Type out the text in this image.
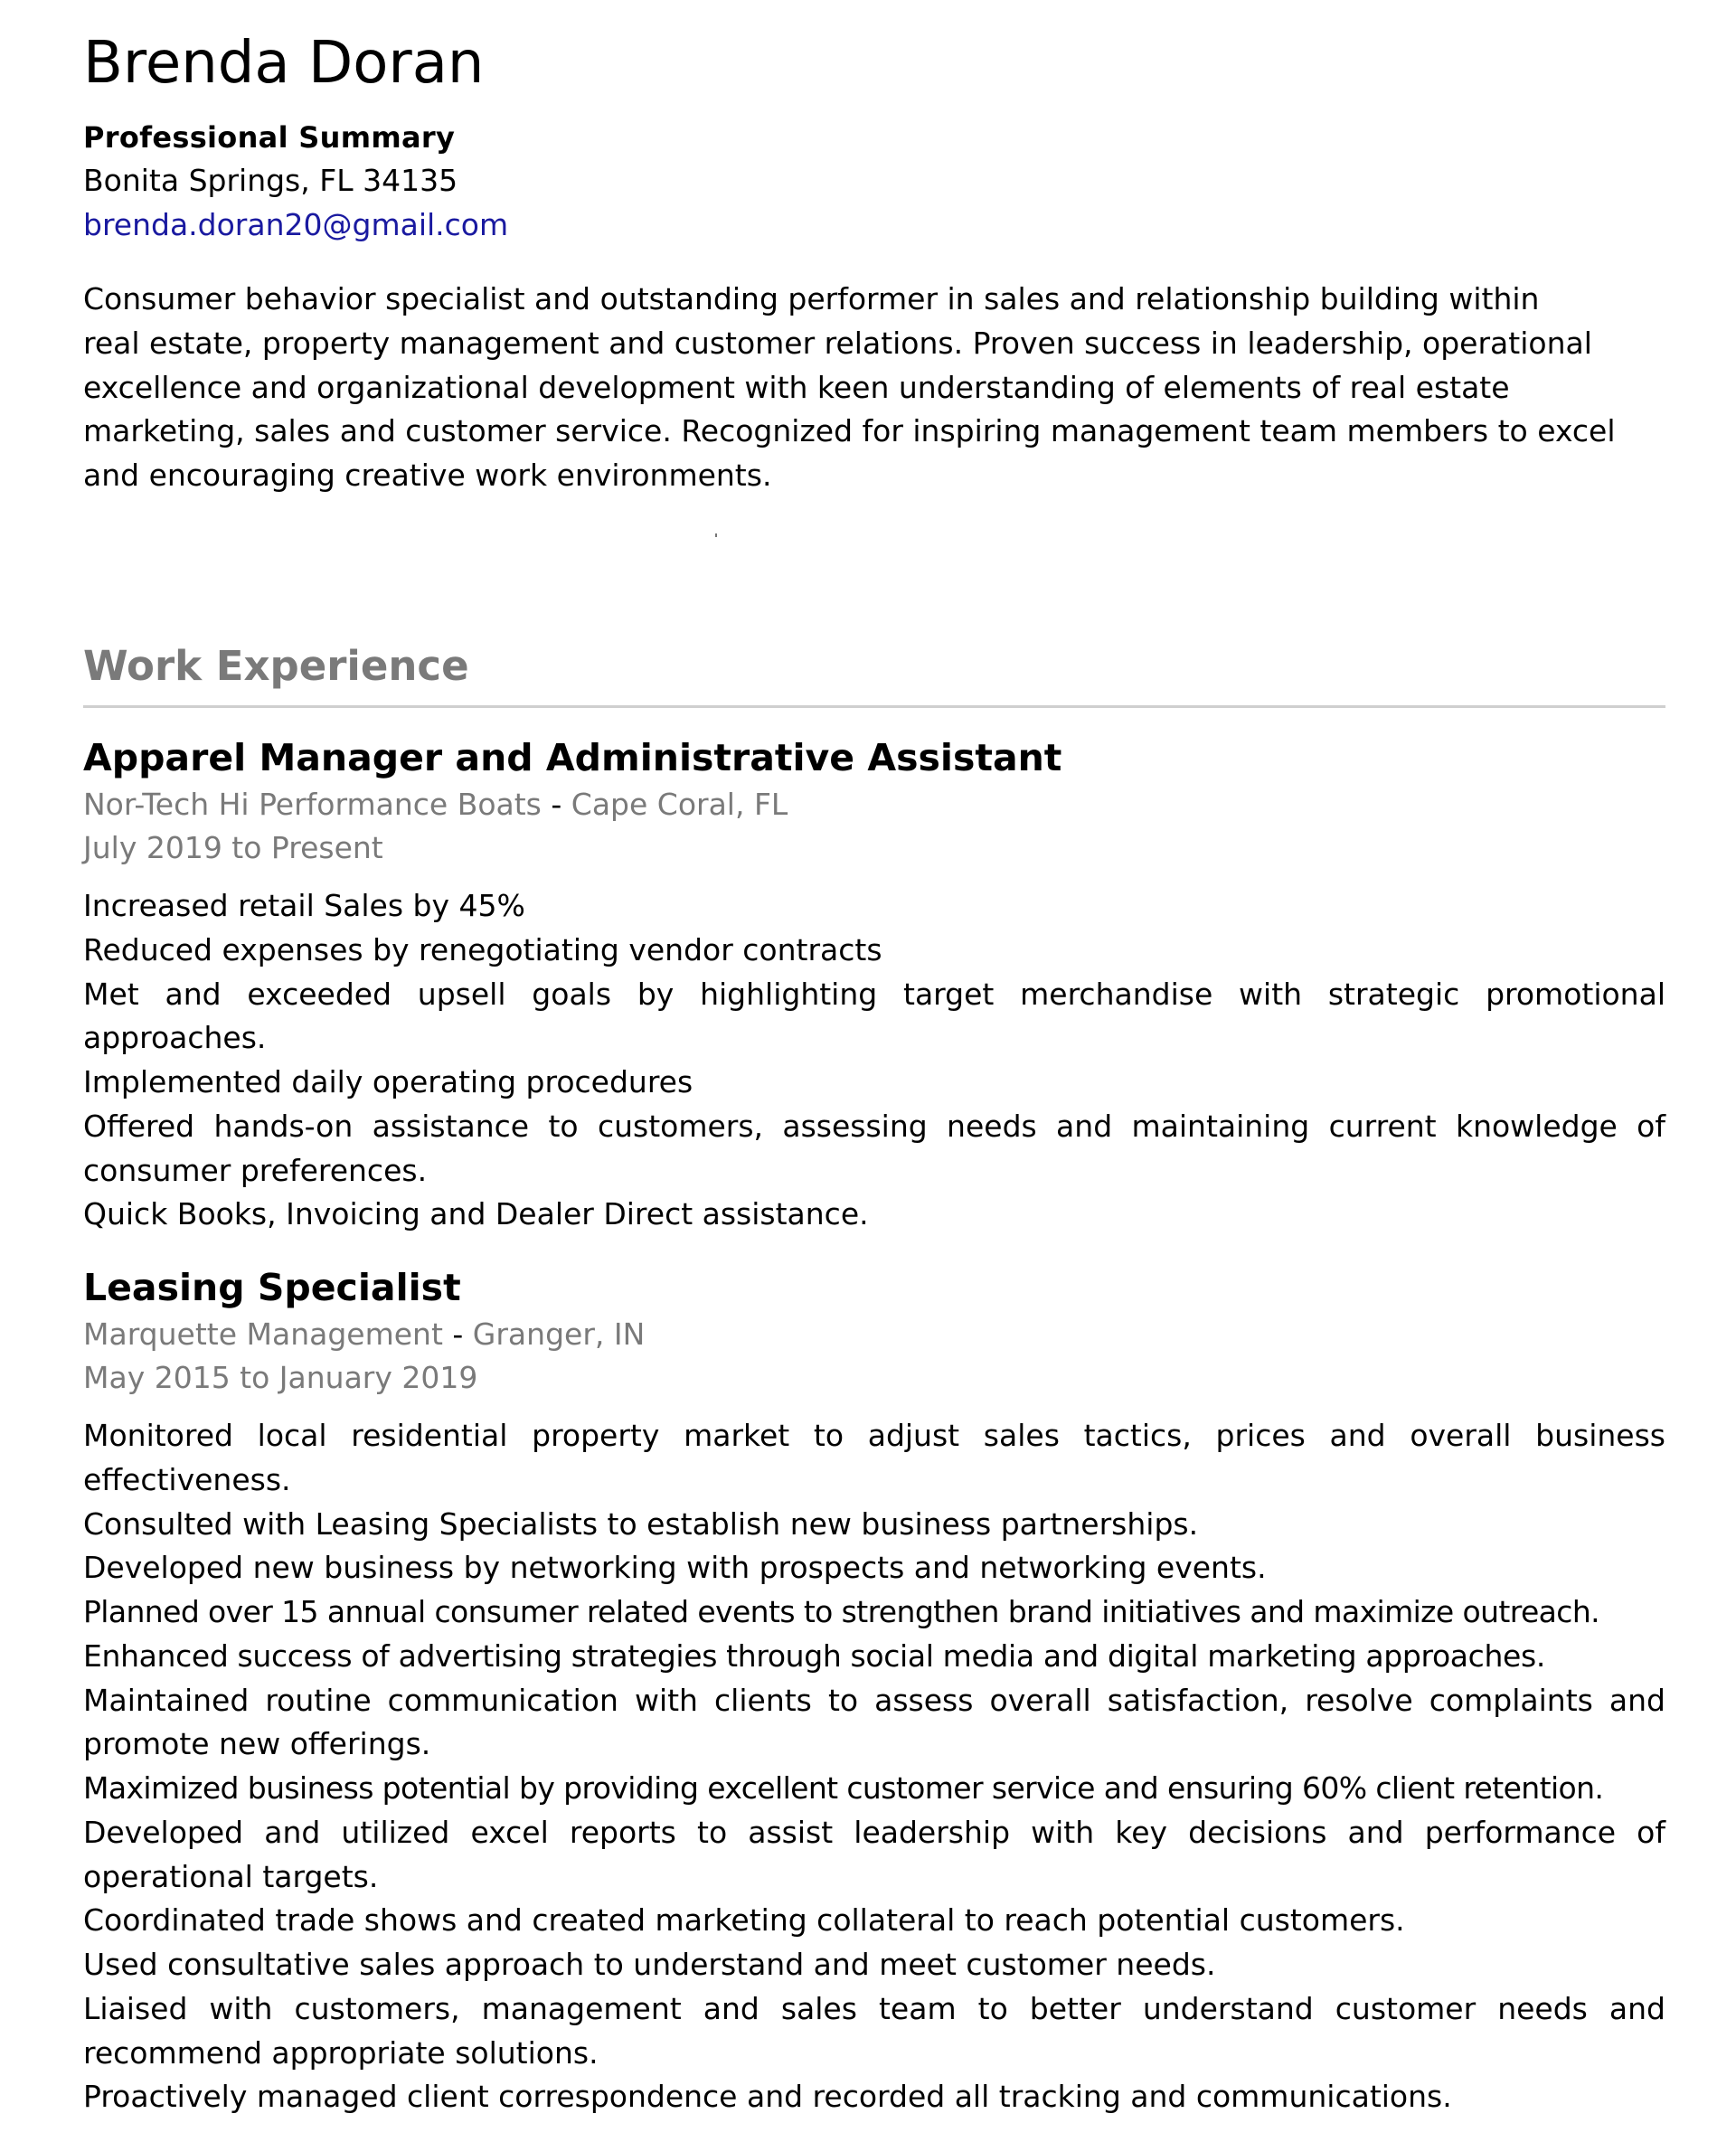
Brenda Doran
Professional Summary
Bonita Springs, FL 34135
brenda.doran20@gmail.com

Consumer behavior specialist and outstanding performer in sales and relationship building within
real estate, property management and customer relations. Proven success in leadership, operational
excellence and organizational development with keen understanding of elements of real estate
marketing, sales and customer service. Recognized for inspiring management team members to excel
and encouraging creative work environments.

Work Experience
Apparel Manager and Administrative Assistant
Nor-Tech Hi Performance Boats - Cape Coral, FL
July 2019 to Present
Increased retail Sales by 45%
Reduced expenses by renegotiating vendor contracts
Met and exceeded upsell goals by highlighting target merchandise with strategic promotional approaches.
Implemented daily operating procedures
Offered hands-on assistance to customers, assessing needs and maintaining current knowledge of consumer preferences.
Quick Books, Invoicing and Dealer Direct assistance.
Leasing Specialist
Marquette Management - Granger, IN
May 2015 to January 2019
Monitored local residential property market to adjust sales tactics, prices and overall business effectiveness.
Consulted with Leasing Specialists to establish new business partnerships.
Developed new business by networking with prospects and networking events.
Planned over 15 annual consumer related events to strengthen brand initiatives and maximize outreach.
Enhanced success of advertising strategies through social media and digital marketing approaches.
Maintained routine communication with clients to assess overall satisfaction, resolve complaints and promote new offerings.
Maximized business potential by providing excellent customer service and ensuring 60% client retention.
Developed and utilized excel reports to assist leadership with key decisions and performance of operational targets.
Coordinated trade shows and created marketing collateral to reach potential customers.
Used consultative sales approach to understand and meet customer needs.
Liaised with customers, management and sales team to better understand customer needs and recommend appropriate solutions.
Proactively managed client correspondence and recorded all tracking and communications.
